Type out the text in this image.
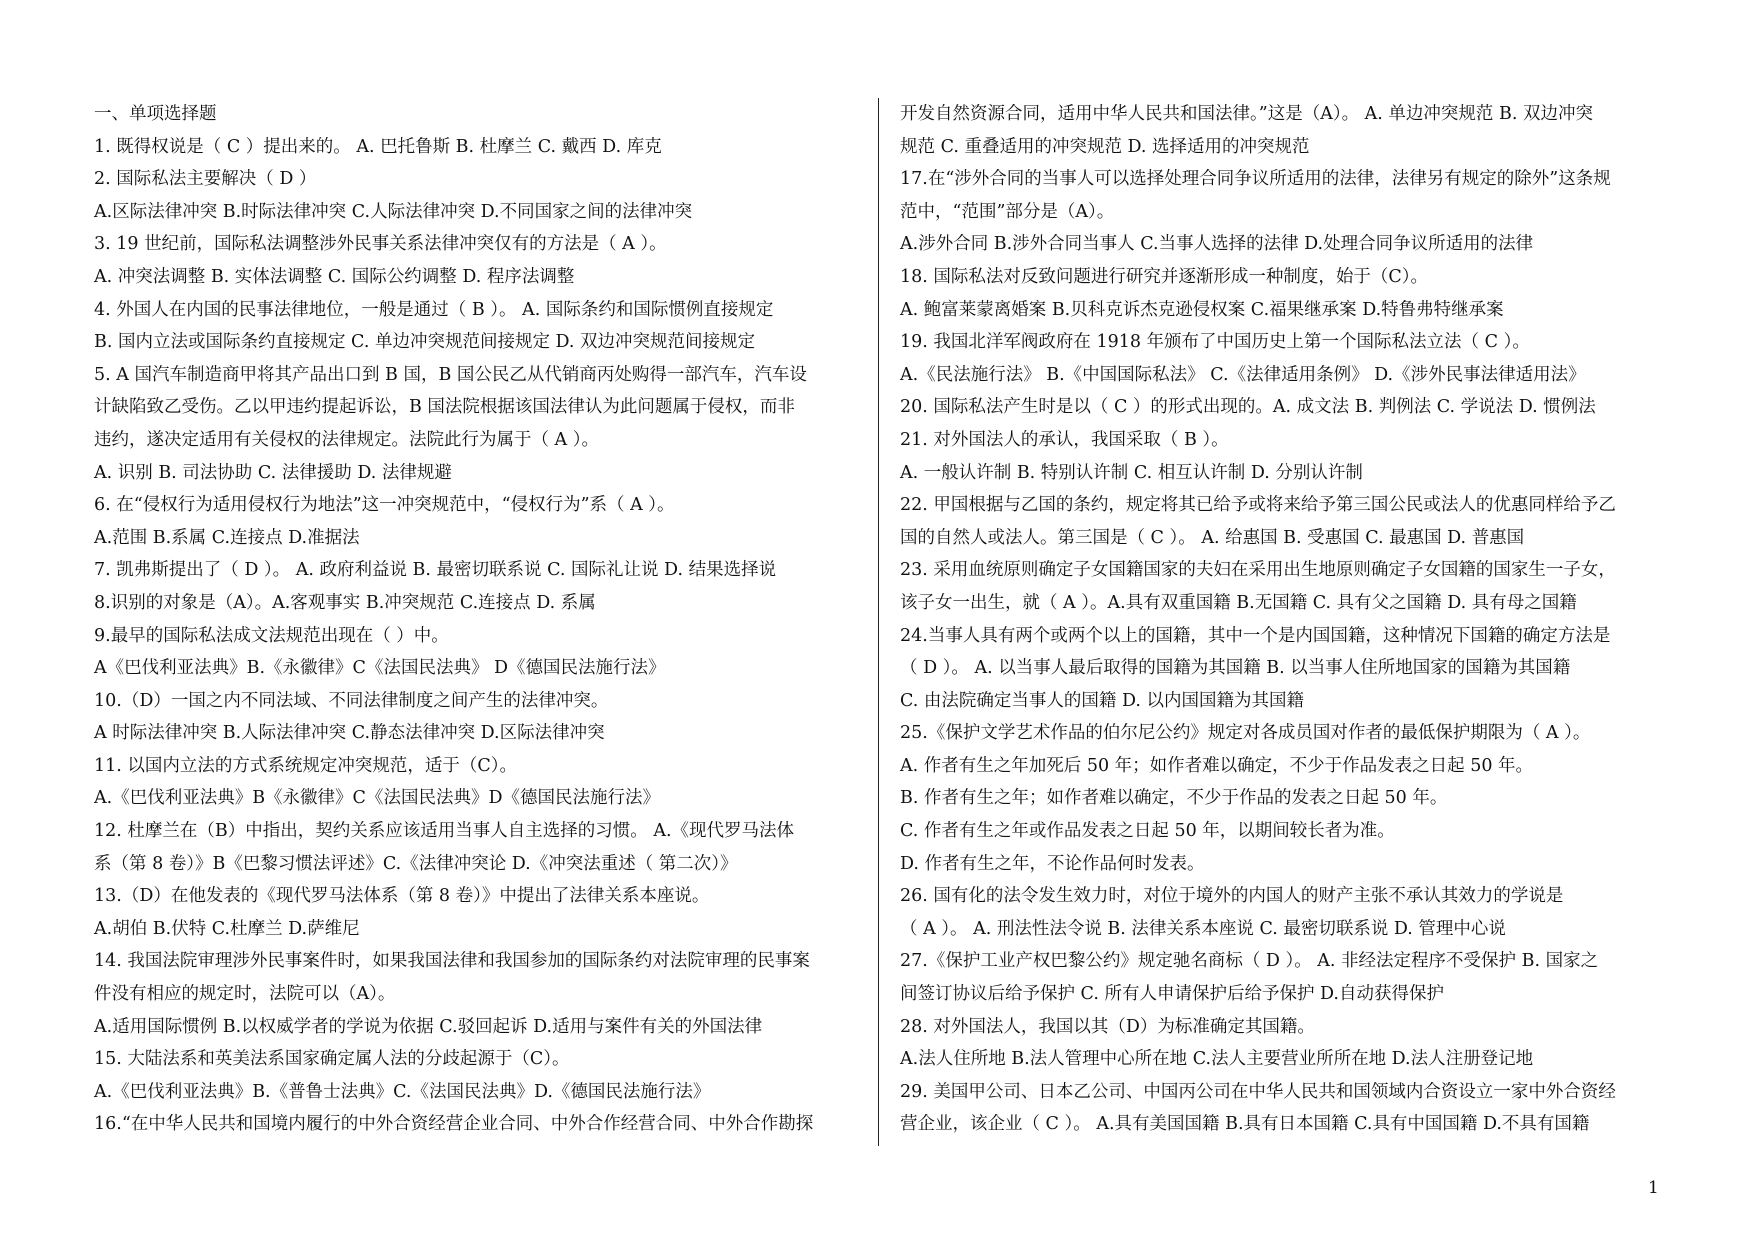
一、单项选择题
1. 既得权说是（ C ）提出来的。 A. 巴托鲁斯 B. 杜摩兰 C. 戴西 D. 库克
2. 国际私法主要解决（ D ）
A.区际法律冲突 B.时际法律冲突 C.人际法律冲突 D.不同国家之间的法律冲突
3. 19 世纪前，国际私法调整涉外民事关系法律冲突仅有的方法是（ A ）。
A. 冲突法调整 B. 实体法调整 C. 国际公约调整 D. 程序法调整
4. 外国人在内国的民事法律地位，一般是通过（ B ）。 A. 国际条约和国际惯例直接规定
B. 国内立法或国际条约直接规定 C. 单边冲突规范间接规定 D. 双边冲突规范间接规定
5. A 国汽车制造商甲将其产品出口到 B 国，B 国公民乙从代销商丙处购得一部汽车，汽车设
计缺陷致乙受伤。乙以甲违约提起诉讼，B 国法院根据该国法律认为此问题属于侵权，而非
违约，遂决定适用有关侵权的法律规定。法院此行为属于（ A ）。
A. 识别 B. 司法协助 C. 法律援助 D. 法律规避
6. 在“侵权行为适用侵权行为地法”这一冲突规范中，“侵权行为”系（ A ）。
A.范围 B.系属 C.连接点 D.准据法
7. 凯弗斯提出了（ D ）。 A. 政府利益说 B. 最密切联系说 C. 国际礼让说 D. 结果选择说
8.识别的对象是（A）。A.客观事实 B.冲突规范 C.连接点 D. 系属
9.最早的国际私法成文法规范出现在（ ）中。
A《巴伐利亚法典》B.《永徽律》C《法国民法典》 D《德国民法施行法》
10.（D）一国之内不同法域、不同法律制度之间产生的法律冲突。
A 时际法律冲突 B.人际法律冲突 C.静态法律冲突 D.区际法律冲突
11. 以国内立法的方式系统规定冲突规范，适于（C）。
A.《巴伐利亚法典》B《永徽律》C《法国民法典》D《德国民法施行法》
12. 杜摩兰在（B）中指出，契约关系应该适用当事人自主选择的习惯。 A.《现代罗马法体
系（第 8 卷）》B《巴黎习惯法评述》C.《法律冲突论 D.《冲突法重述（ 第二次）》
13.（D）在他发表的《现代罗马法体系（第 8 卷）》中提出了法律关系本座说。
A.胡伯 B.伏特 C.杜摩兰 D.萨维尼
14. 我国法院审理涉外民事案件时，如果我国法律和我国参加的国际条约对法院审理的民事案
件没有相应的规定时，法院可以（A）。
A.适用国际惯例 B.以权威学者的学说为依据 C.驳回起诉 D.适用与案件有关的外国法律
15. 大陆法系和英美法系国家确定属人法的分歧起源于（C）。
A.《巴伐利亚法典》B.《普鲁士法典》C.《法国民法典》D.《德国民法施行法》
16.“在中华人民共和国境内履行的中外合资经营企业合同、中外合作经营合同、中外合作勘探
开发自然资源合同，适用中华人民共和国法律。”这是（A）。 A. 单边冲突规范 B. 双边冲突
规范 C. 重叠适用的冲突规范 D. 选择适用的冲突规范
17.在“涉外合同的当事人可以选择处理合同争议所适用的法律，法律另有规定的除外”这条规
范中，“范围”部分是（A）。
A.涉外合同 B.涉外合同当事人 C.当事人选择的法律 D.处理合同争议所适用的法律
18. 国际私法对反致问题进行研究并逐渐形成一种制度，始于（C）。
A. 鲍富莱蒙离婚案 B.贝科克诉杰克逊侵权案 C.福果继承案 D.特鲁弗特继承案
19. 我国北洋军阀政府在 1918 年颁布了中国历史上第一个国际私法立法（ C ）。
A.《民法施行法》 B.《中国国际私法》 C.《法律适用条例》 D.《涉外民事法律适用法》
20. 国际私法产生时是以（ C ）的形式出现的。A. 成文法 B. 判例法 C. 学说法 D. 惯例法
21. 对外国法人的承认，我国采取（ B ）。
A. 一般认许制 B. 特别认许制 C. 相互认许制 D. 分别认许制
22. 甲国根据与乙国的条约，规定将其已给予或将来给予第三国公民或法人的优惠同样给予乙
国的自然人或法人。第三国是（ C ）。 A. 给惠国 B. 受惠国 C. 最惠国 D. 普惠国
23. 采用血统原则确定子女国籍国家的夫妇在采用出生地原则确定子女国籍的国家生一子女，
该子女一出生，就（ A ）。A.具有双重国籍 B.无国籍 C. 具有父之国籍 D. 具有母之国籍
24.当事人具有两个或两个以上的国籍，其中一个是内国国籍，这种情况下国籍的确定方法是
（ D ）。 A. 以当事人最后取得的国籍为其国籍 B. 以当事人住所地国家的国籍为其国籍
C. 由法院确定当事人的国籍 D. 以内国国籍为其国籍
25.《保护文学艺术作品的伯尔尼公约》规定对各成员国对作者的最低保护期限为（ A ）。
A. 作者有生之年加死后 50 年；如作者难以确定，不少于作品发表之日起 50 年。
B. 作者有生之年；如作者难以确定，不少于作品的发表之日起 50 年。
C. 作者有生之年或作品发表之日起 50 年，以期间较长者为准。
D. 作者有生之年，不论作品何时发表。
26. 国有化的法令发生效力时，对位于境外的内国人的财产主张不承认其效力的学说是
（ A ）。 A. 刑法性法令说 B. 法律关系本座说 C. 最密切联系说 D. 管理中心说
27.《保护工业产权巴黎公约》规定驰名商标（ D ）。 A. 非经法定程序不受保护 B. 国家之
间签订协议后给予保护 C. 所有人申请保护后给予保护 D.自动获得保护
28. 对外国法人，我国以其（D）为标准确定其国籍。
A.法人住所地 B.法人管理中心所在地 C.法人主要营业所所在地 D.法人注册登记地
29. 美国甲公司、日本乙公司、中国丙公司在中华人民共和国领域内合资设立一家中外合资经
营企业，该企业（ C ）。 A.具有美国国籍 B.具有日本国籍 C.具有中国国籍 D.不具有国籍
1
